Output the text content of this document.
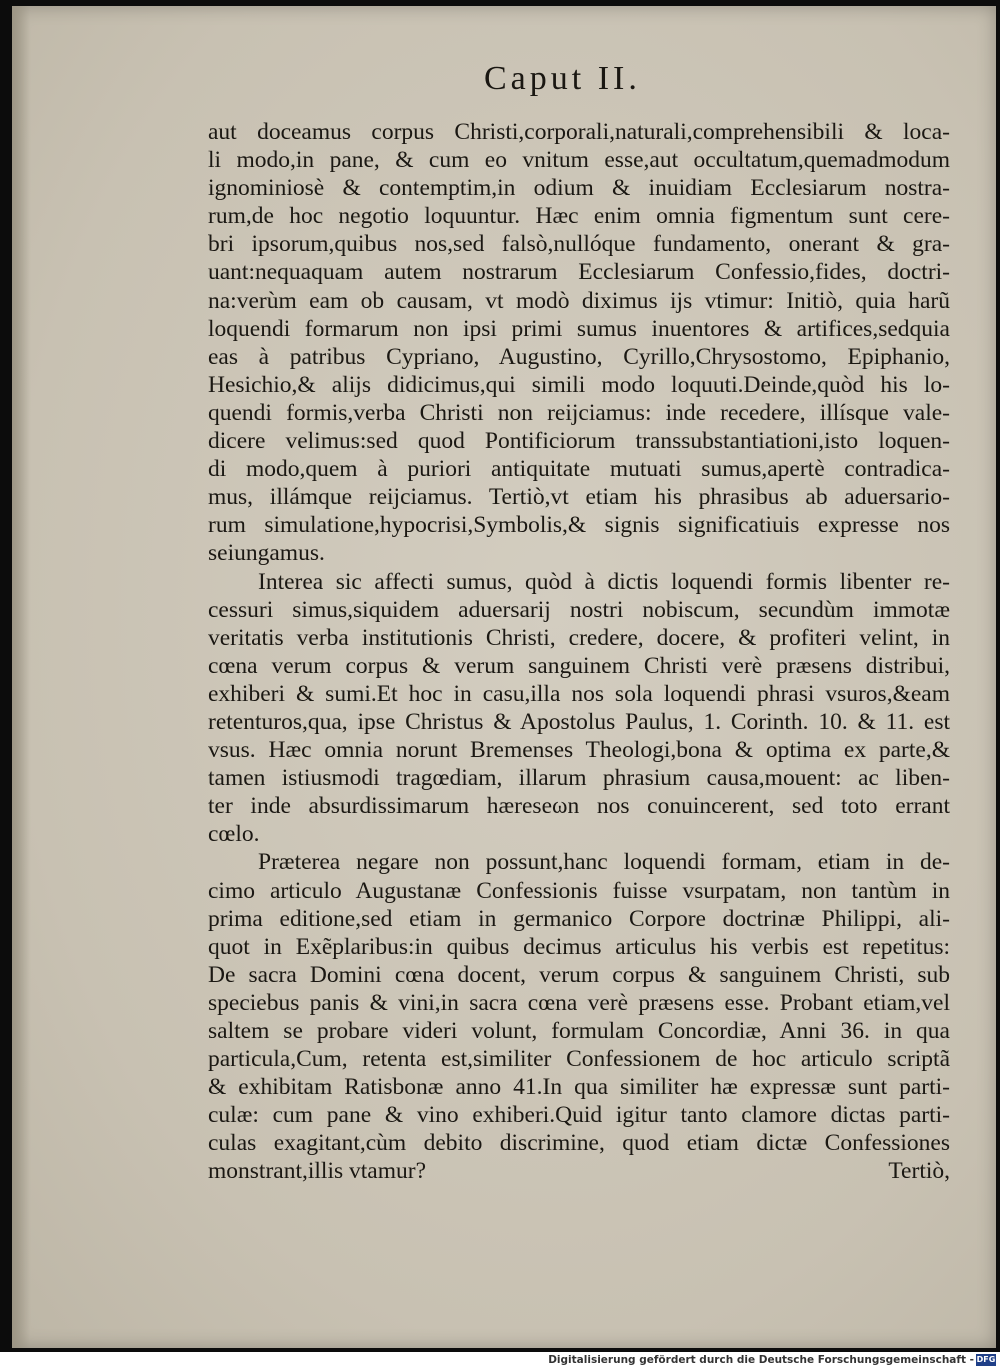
Caput II.
aut doceamus corpus Christi,corporali,naturali,comprehensibili & loca-
li modo,in pane, & cum eo vnitum esse,aut occultatum,quemadmodum
ignominiosè & contemptim,in odium & inuidiam Ecclesiarum nostra-
rum,de hoc negotio loquuntur. Hæc enim omnia figmentum sunt cere-
bri ipsorum,quibus nos,sed falsò,nullóque fundamento, onerant & gra-
uant:nequaquam autem nostrarum Ecclesiarum Confessio,fides, doctri-
na:verùm eam ob causam, vt modò diximus ijs vtimur: Initiò, quia harũ
loquendi formarum non ipsi primi sumus inuentores & artifices,sedquia
eas à patribus Cypriano, Augustino, Cyrillo,Chrysostomo, Epiphanio,
Hesichio,& alijs didicimus,qui simili modo loquuti.Deinde,quòd his lo-
quendi formis,verba Christi non reijciamus: inde recedere, illísque vale-
dicere velimus:sed quod Pontificiorum transsubstantiationi,isto loquen-
di modo,quem à puriori antiquitate mutuati sumus,apertè contradica-
mus, illámque reijciamus. Tertiò,vt etiam his phrasibus ab aduersario-
rum simulatione,hypocrisi,Symbolis,& signis significatiuis expresse nos
seiungamus.
Interea sic affecti sumus, quòd à dictis loquendi formis libenter re-
cessuri simus,siquidem aduersarij nostri nobiscum, secundùm immotæ
veritatis verba institutionis Christi, credere, docere, & profiteri velint, in
cœna verum corpus & verum sanguinem Christi verè præsens distribui,
exhiberi & sumi.Et hoc in casu,illa nos sola loquendi phrasi vsuros,&eam
retenturos,qua, ipse Christus & Apostolus Paulus, 1. Corinth. 10. & 11. est
vsus. Hæc omnia norunt Bremenses Theologi,bona & optima ex parte,&
tamen istiusmodi tragœdiam, illarum phrasium causa,mouent: ac liben-
ter inde absurdissimarum hæreseωn nos conuincerent, sed toto errant
cœlo.
Præterea negare non possunt,hanc loquendi formam, etiam in de-
cimo articulo Augustanæ Confessionis fuisse vsurpatam, non tantùm in
prima editione,sed etiam in germanico Corpore doctrinæ Philippi, ali-
quot in Exẽplaribus:in quibus decimus articulus his verbis est repetitus:
De sacra Domini cœna docent, verum corpus & sanguinem Christi, sub
speciebus panis & vini,in sacra cœna verè præsens esse. Probant etiam,vel
saltem se probare videri volunt, formulam Concordiæ, Anni 36. in qua
particula,Cum, retenta est,similiter Confessionem de hoc articulo scriptã
& exhibitam Ratisbonæ anno 41.In qua similiter hæ expressæ sunt parti-
culæ: cum pane & vino exhiberi.Quid igitur tanto clamore dictas parti-
culas exagitant,cùm debito discrimine, quod etiam dictæ Confessiones
monstrant,illis vtamur?	Tertiò,
Digitalisierung gefördert durch die Deutsche Forschungsgemeinschaft - DFG
